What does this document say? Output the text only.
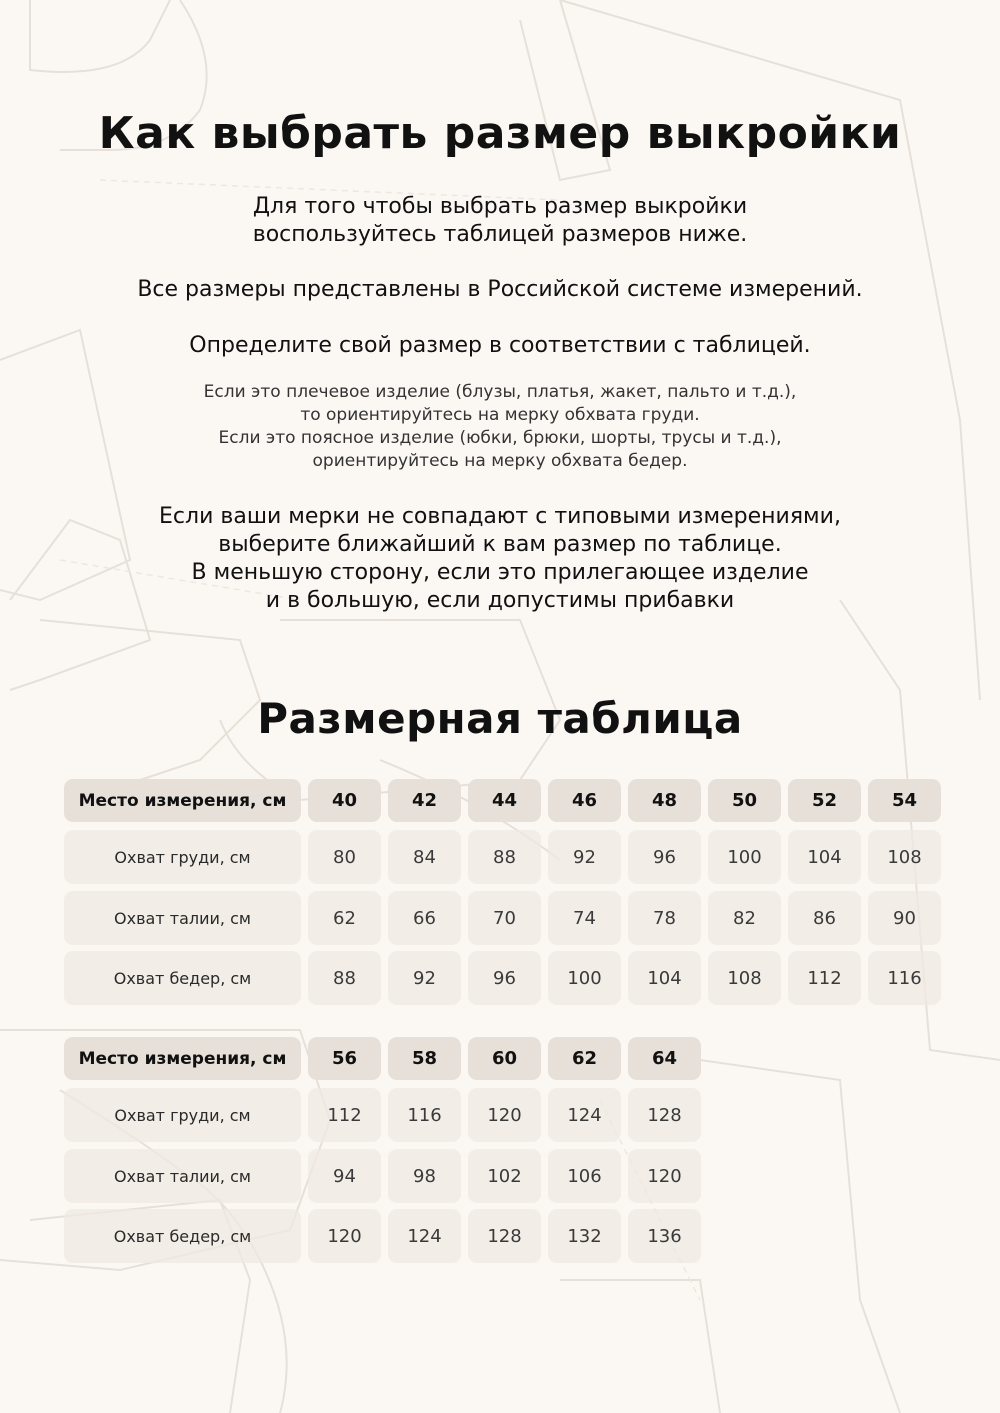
Как выбрать размер выкройки
Для того чтобы выбрать размер выкройки
воспользуйтесь таблицей размеров ниже.
Все размеры представлены в Российской системе измерений.
Определите свой размер в соответствии с таблицей.
Если это плечевое изделие (блузы, платья, жакет, пальто и т.д.),
то ориентируйтесь на мерку обхвата груди.
Если это поясное изделие (юбки, брюки, шорты, трусы и т.д.),
ориентируйтесь на мерку обхвата бедер.
Если ваши мерки не совпадают с типовыми измерениями,
выберите ближайший к вам размер по таблице.
В меньшую сторону, если это прилегающее изделие
и в большую, если допустимы прибавки
Размерная таблица
Место измерения, см	40	42	44	46	48	50	52	54
Охват груди, см	80	84	88	92	96	100	104	108
Охват талии, см	62	66	70	74	78	82	86	90
Охват бедер, см	88	92	96	100	104	108	112	116
Место измерения, см	56	58	60	62	64
Охват груди, см	112	116	120	124	128
Охват талии, см	94	98	102	106	120
Охват бедер, см	120	124	128	132	136
